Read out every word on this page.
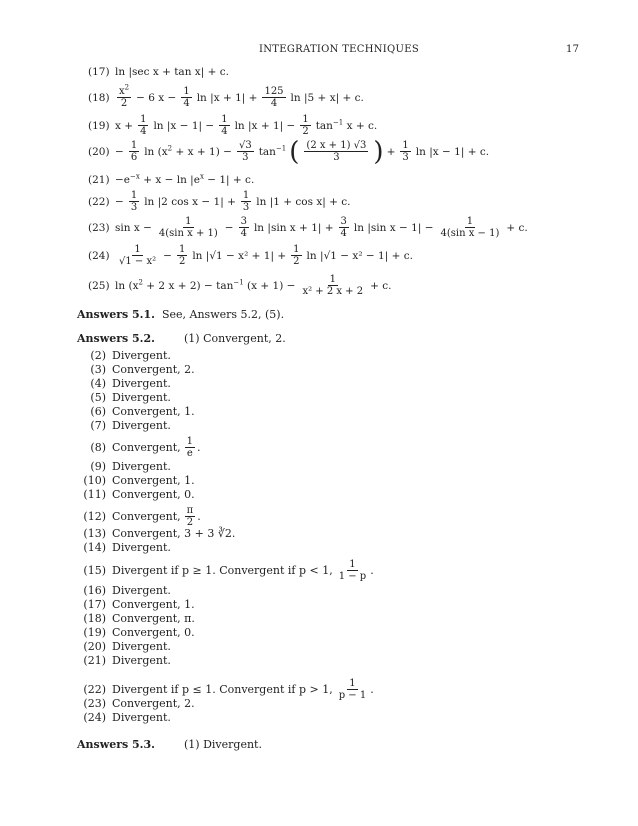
INTEGRATION TECHNIQUES	17
(17) ln |sec x + tan x| + c.
$(18) \frac{x^2}{2} - 6$ $x - \frac{1}{4}$ $\ln |x + 1| + \frac{125}{4}$ ln |5 + x| + c.
(19) $x + \frac{1}{4}$ $\ln |x - 1| - \frac{1}{4}$ $\ln |x + 1| - \frac{1}{2} \tan^{-1} x + c$.
$(20) - \frac{1}{6}$ $\ln (x^2 + x + 1) - \frac{√3}{3} \tan^{-1}$ ( $\frac{(2 x + 1) √3}{3}$ ) + $\frac{1}{3}$ ln |x − 1| + c.
$(21) -e^{-x} + x - \ln |e^x - 1| + c$.
$(22) - \frac{1}{3}$ ln |2 $\cos x - 1| + \frac{1}{3}$ ln |1 + cos x| + c.
(23) $\sin x - \frac{1}{\text{4(sin x + 1)}} - \frac{3}{4}$ ln |sin $x + 1| + \frac{3}{4}$ ln |sin $x - 1| - \frac{1}{\text{4(sin x − 1)}} + c$.
$(24) \frac{1}{\text{√1 − x²}} - \frac{1}{2}$ $\ln |√1 - x^2 + 1| + \frac{1}{2}$ ln |√1 − x² − 1| + c.
(25) $\ln (x^2 + 2$ $x + 2) - \tan^{-1} (x + 1) - \frac{1}{\text{x² + 2 x + 2}} + c$.
Answers 5.1. See, Answers 5.2, (5).
Answers 5.2.	(1) Convergent, 2.
(2) Divergent.
(3) Convergent, 2.
(4) Divergent.
(5) Divergent.
(6) Convergent, 1.
(7) Divergent.
(8) Convergent, $\frac{1}{e}$ .
(9) Divergent.
(10) Convergent, 1.
(11) Convergent, 0.
(12) Convergent, $\frac{\pi}{2}$ .
(13) Convergent, 3 + 3 ∛2.
(14) Divergent.
(15) Divergent if p ≥ 1. Convergent if p < 1, $\frac{1}{1 - p}$ .
(16) Divergent.
(17) Convergent, 1.
(18) Convergent, π.
(19) Convergent, 0.
(20) Divergent.
(21) Divergent.
(22) Divergent if p ≤ 1. Convergent if p > 1, $\frac{1}{p - 1}$ .
(23) Convergent, 2.
(24) Divergent.
Answers 5.3.	(1) Divergent.
